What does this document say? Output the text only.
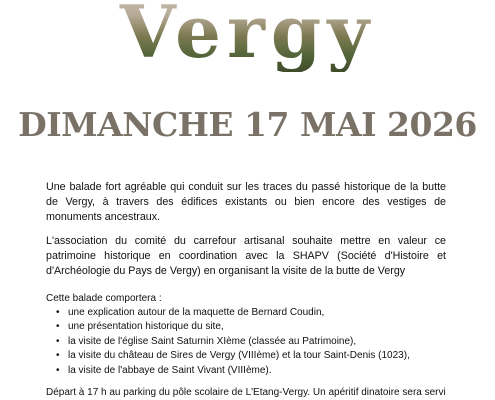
Vergy
DIMANCHE 17 MAI 2026

Une balade fort agréable qui conduit sur les traces du passé historique de la butte de Vergy, à travers des édifices existants ou bien encore des vestiges de monuments ancestraux.

L'association du comité du carrefour artisanal souhaite mettre en valeur ce patrimoine historique en coordination avec la SHAPV (Société d'Histoire et d'Archéologie du Pays de Vergy) en organisant la visite de la butte de Vergy

Cette balade comportera :

• une explication autour de la maquette de Bernard Coudin,
• une présentation historique du site,
• la visite de l'église Saint Saturnin XIème (classée au Patrimoine),
• la visite du château de Sires de Vergy (VIIIème) et la tour Saint-Denis (1023),
• la visite de l'abbaye de Saint Vivant (VIIIème).

Départ à 17 h au parking du pôle scolaire de L'Etang-Vergy. Un apéritif dinatoire sera servi
